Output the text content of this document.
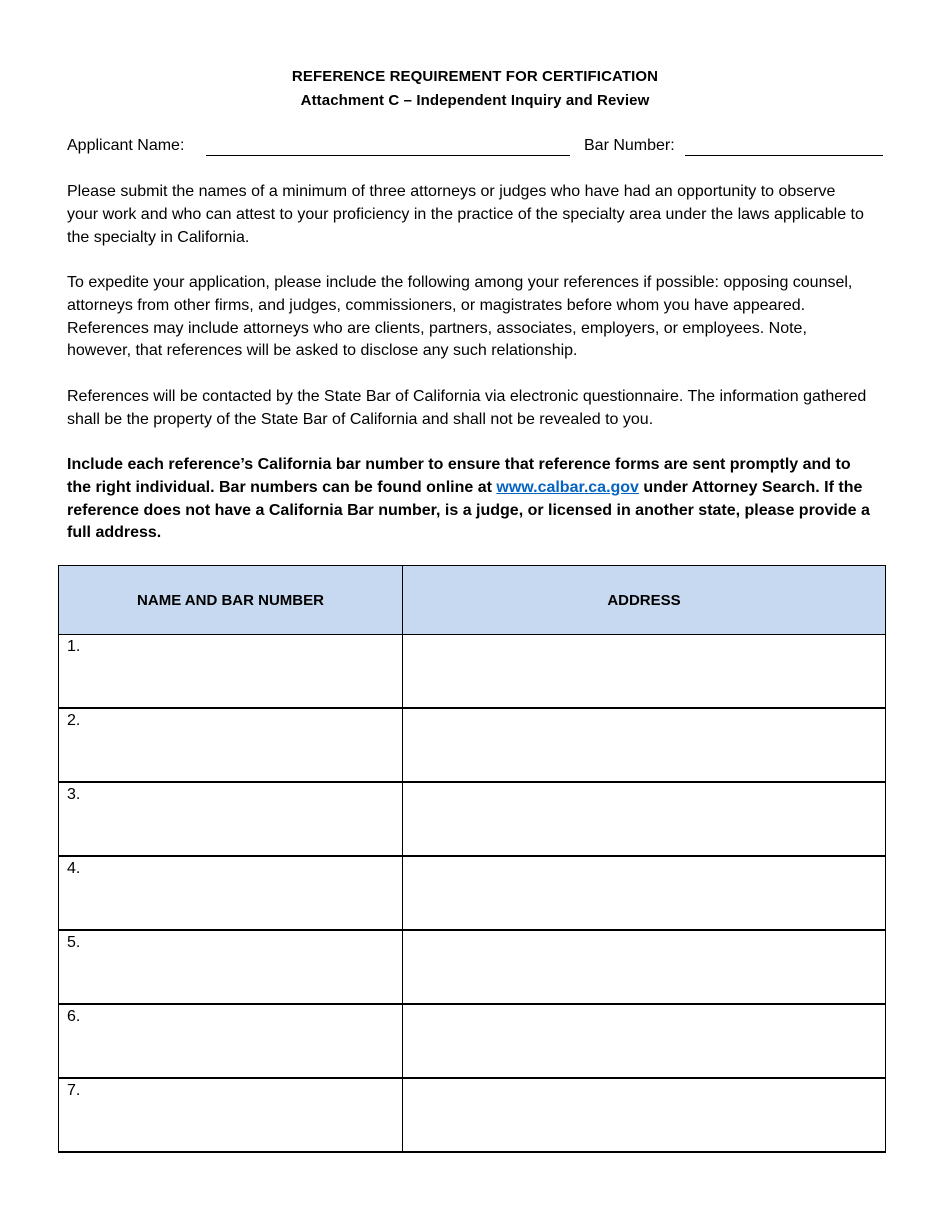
REFERENCE REQUIREMENT FOR CERTIFICATION
Attachment C – Independent Inquiry and Review
Applicant Name:	Bar Number:

Please submit the names of a minimum of three attorneys or judges who have had an opportunity to observe your work and who can attest to your proficiency in the practice of the specialty area under the laws applicable to the specialty in California.

To expedite your application, please include the following among your references if possible: opposing counsel, attorneys from other firms, and judges, commissioners, or magistrates before whom you have appeared. References may include attorneys who are clients, partners, associates, employers, or employees. Note, however, that references will be asked to disclose any such relationship.

References will be contacted by the State Bar of California via electronic questionnaire. The information gathered shall be the property of the State Bar of California and shall not be revealed to you.

Include each reference’s California bar number to ensure that reference forms are sent promptly and to the right individual. Bar numbers can be found online at www.calbar.ca.gov under Attorney Search. If the reference does not have a California Bar number, is a judge, or licensed in another state, please provide a full address.

NAME AND BAR NUMBER	ADDRESS
1.	
2.	
3.	
4.	
5.	
6.	
7.	
